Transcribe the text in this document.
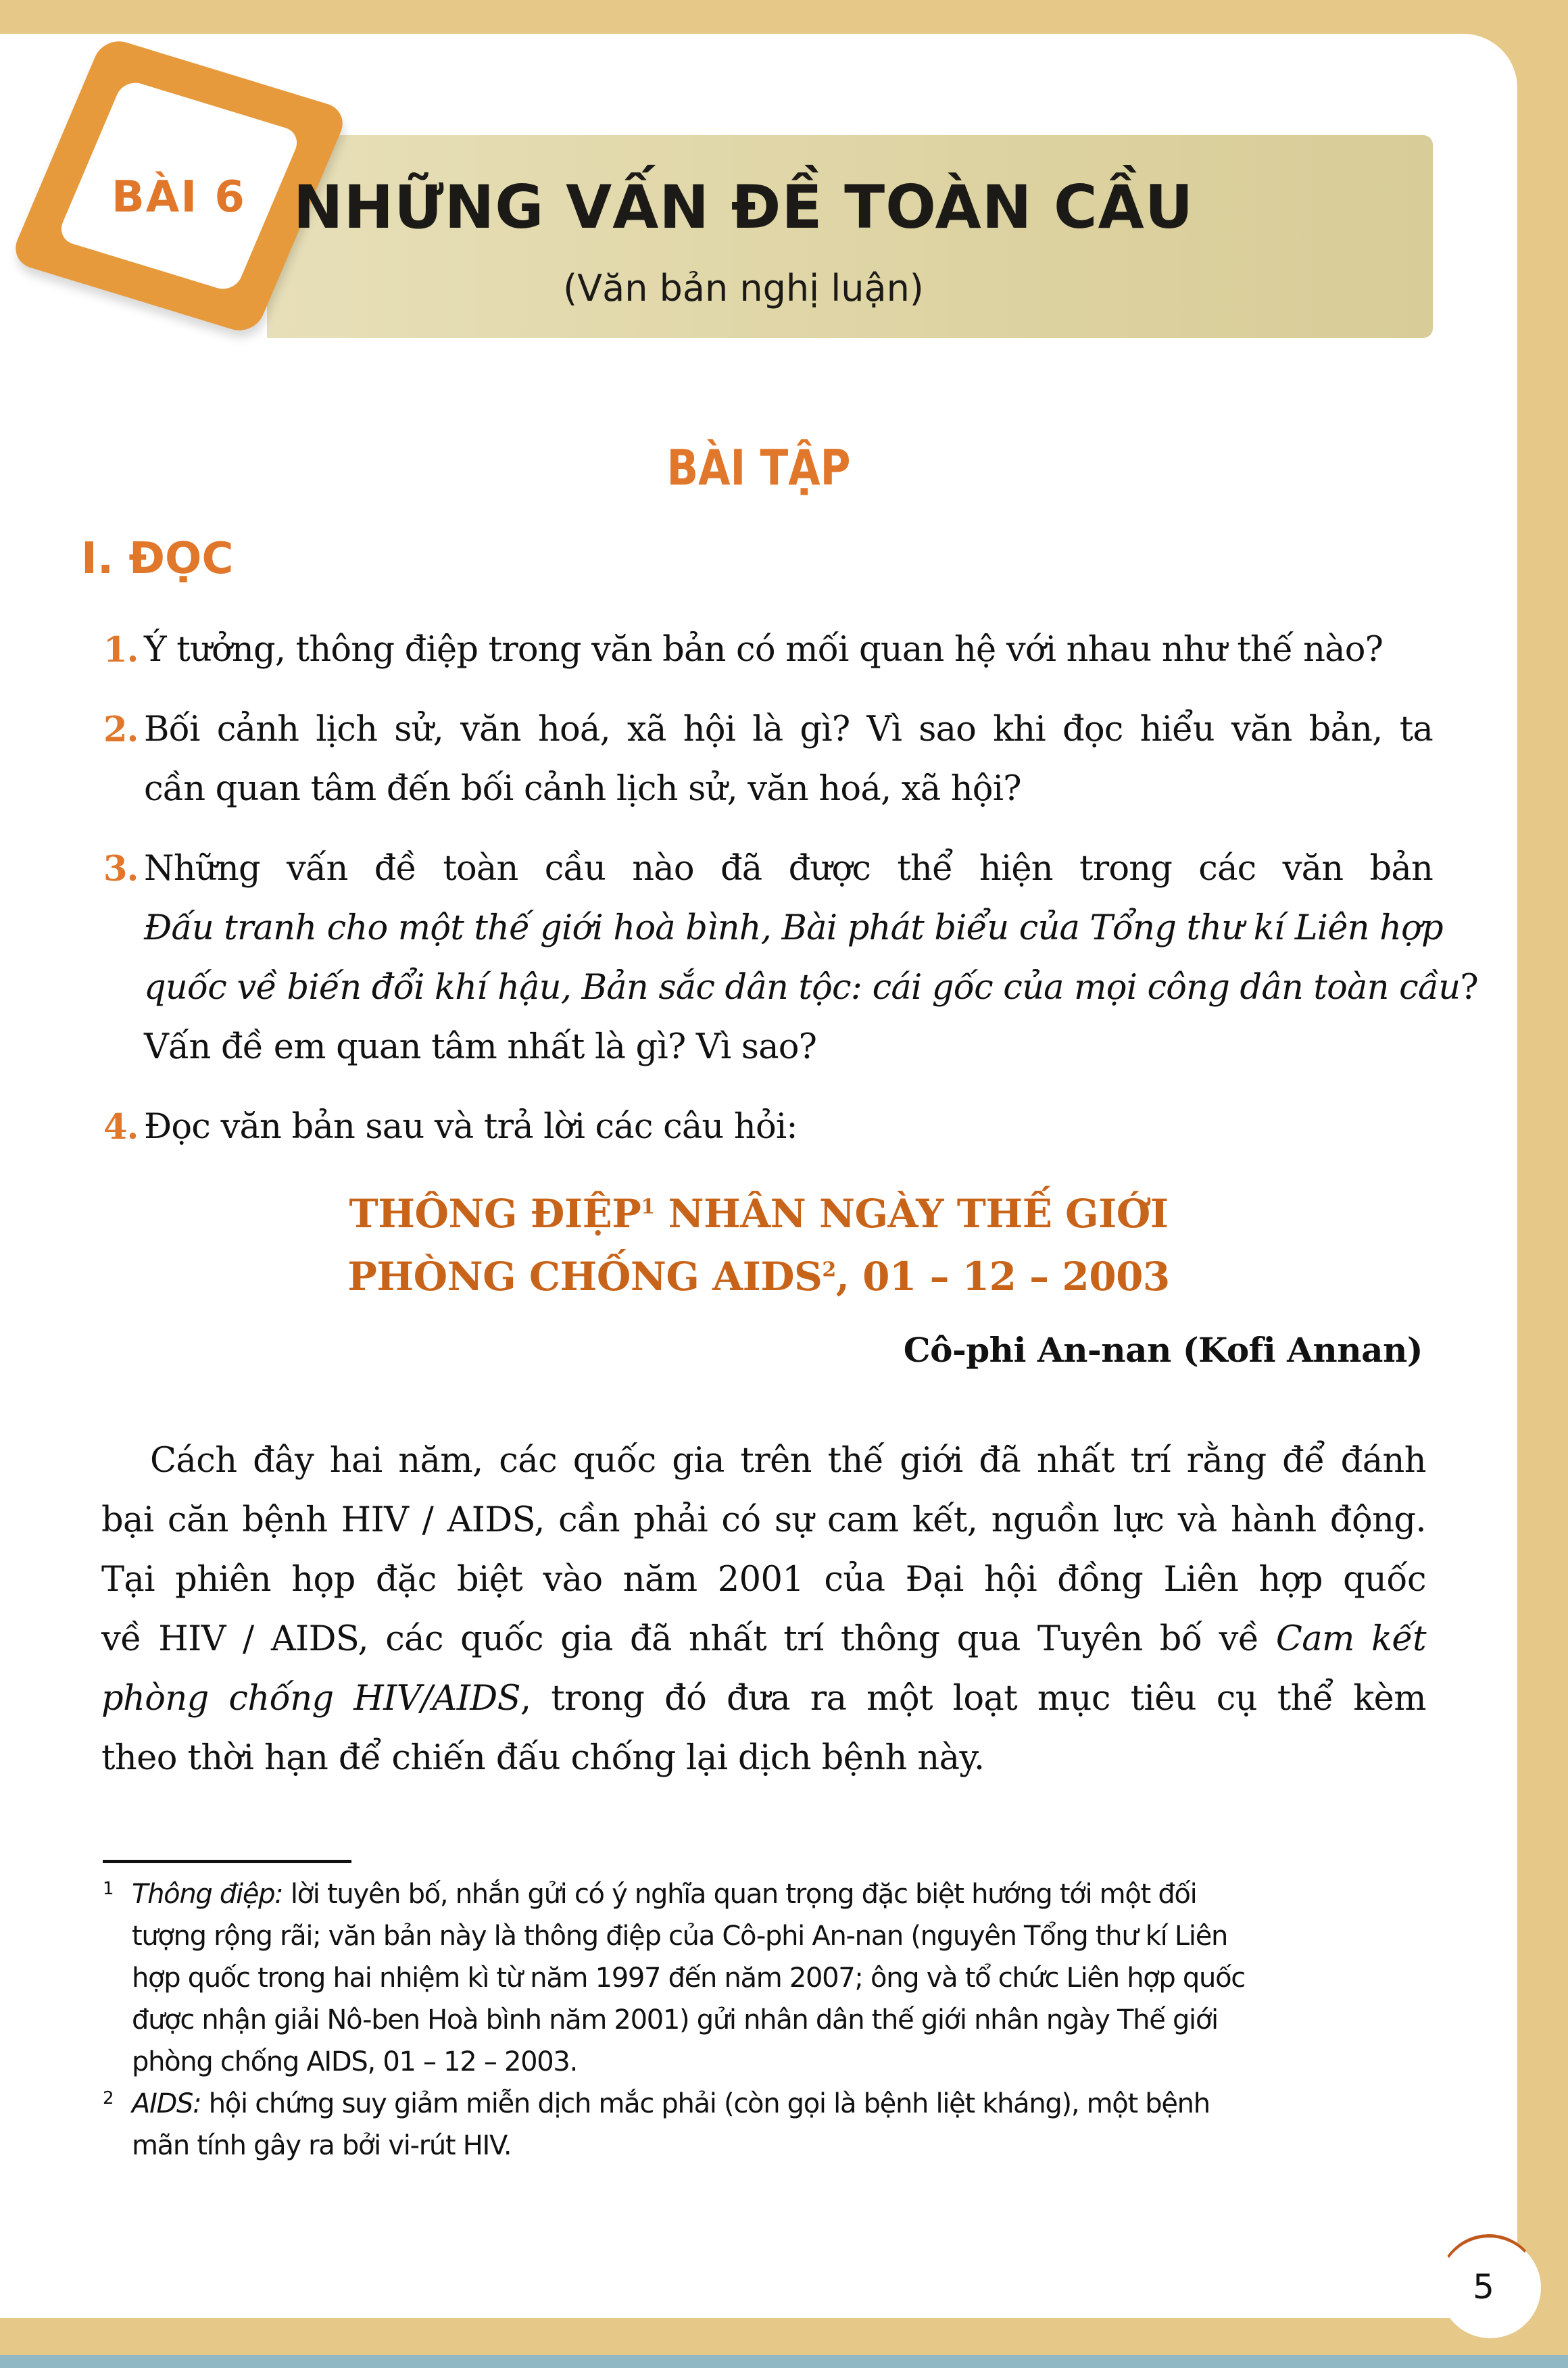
BÀI 6 NHỮNG VẤN ĐỀ TOÀN CẦU
(Văn bản nghị luận)
BÀI TẬP
I. ĐỌC
1. Ý tưởng, thông điệp trong văn bản có mối quan hệ với nhau như thế nào?
2. Bối cảnh lịch sử, văn hoá, xã hội là gì? Vì sao khi đọc hiểu văn bản, ta
cần quan tâm đến bối cảnh lịch sử, văn hoá, xã hội?
3. Những vấn đề toàn cầu nào đã được thể hiện trong các văn bản
Đấu tranh cho một thế giới hoà bình, Bài phát biểu của Tổng thư kí Liên hợp
quốc về biến đổi khí hậu, Bản sắc dân tộc: cái gốc của mọi công dân toàn cầu?
Vấn đề em quan tâm nhất là gì? Vì sao?
4. Đọc văn bản sau và trả lời các câu hỏi:
THÔNG ĐIỆP$^1$ NHÂN NGÀY THẾ GIỚI
PHÒNG CHỐNG AIDS$^2$, 01 – 12 – 2003
Cô-phi An-nan (Kofi Annan)
Cách đây hai năm, các quốc gia trên thế giới đã nhất trí rằng để đánh
bại căn bệnh HIV / AIDS, cần phải có sự cam kết, nguồn lực và hành động.
Tại phiên họp đặc biệt vào năm 2001 của Đại hội đồng Liên hợp quốc
về HIV / AIDS, các quốc gia đã nhất trí thông qua Tuyên bố về Cam kết
phòng chống HIV/AIDS, trong đó đưa ra một loạt mục tiêu cụ thể kèm
theo thời hạn để chiến đấu chống lại dịch bệnh này.
1 Thông điệp: lời tuyên bố, nhắn gửi có ý nghĩa quan trọng đặc biệt hướng tới một đối
tượng rộng rãi; văn bản này là thông điệp của Cô-phi An-nan (nguyên Tổng thư kí Liên
hợp quốc trong hai nhiệm kì từ năm 1997 đến năm 2007; ông và tổ chức Liên hợp quốc
được nhận giải Nô-ben Hoà bình năm 2001) gửi nhân dân thế giới nhân ngày Thế giới
phòng chống AIDS, 01 – 12 – 2003.
2 AIDS: hội chứng suy giảm miễn dịch mắc phải (còn gọi là bệnh liệt kháng), một bệnh
mãn tính gây ra bởi vi-rút HIV.
5
